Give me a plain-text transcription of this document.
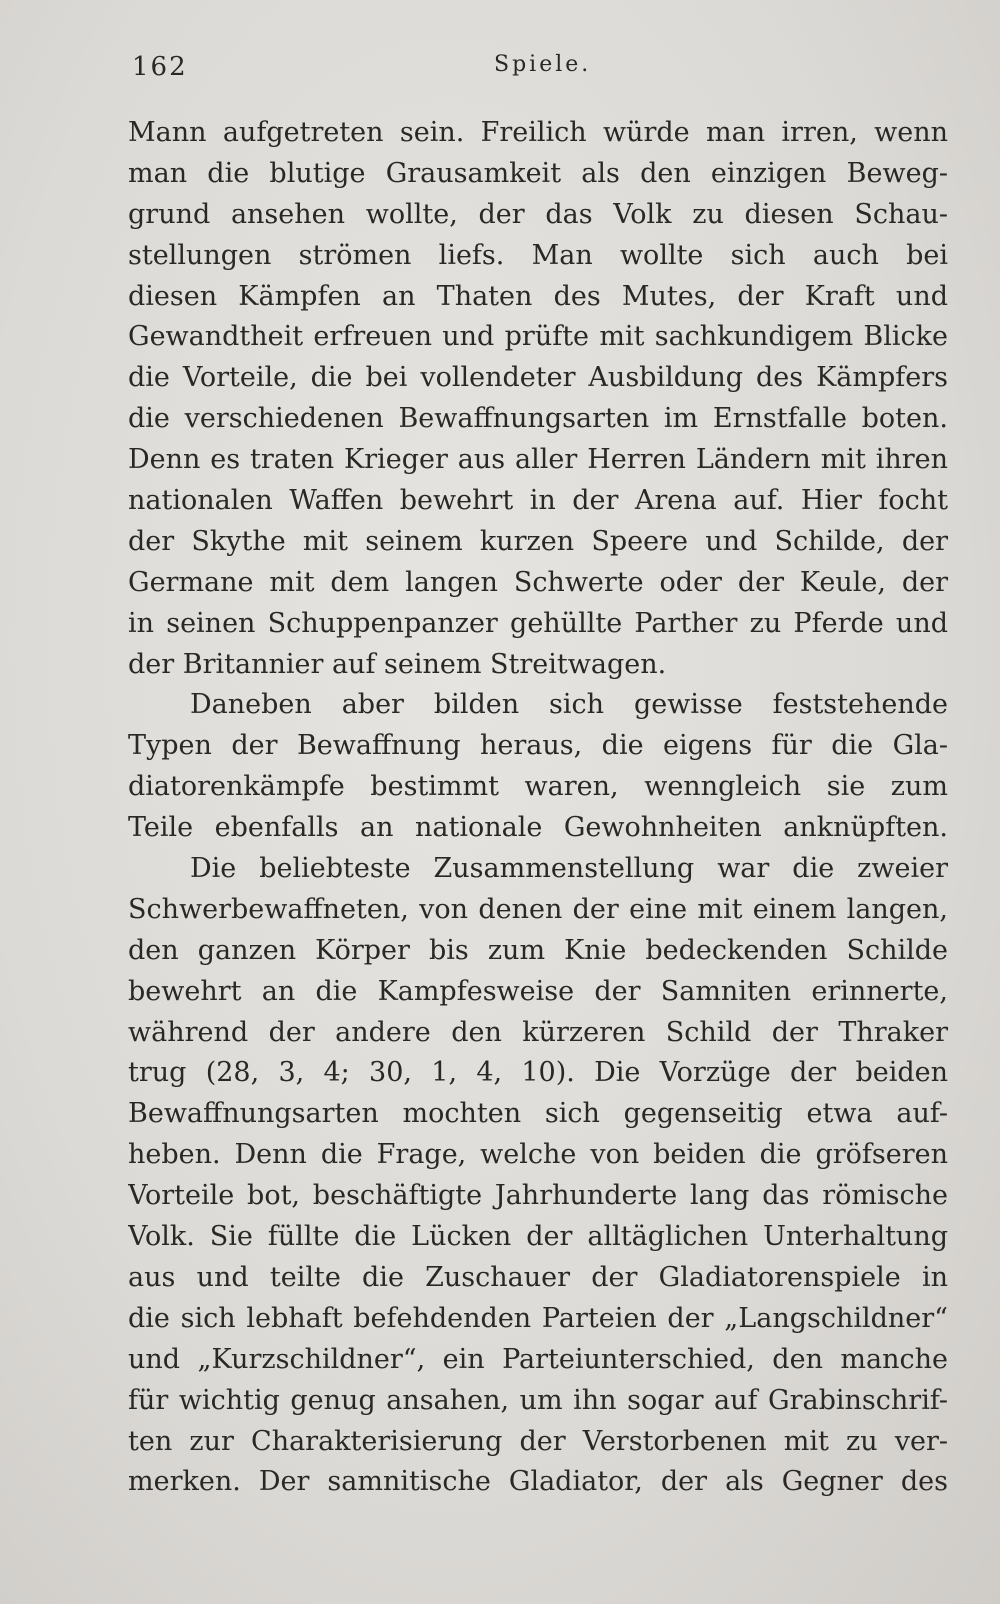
162	Spiele.
Mann aufgetreten sein. Freilich würde man irren, wenn
man die blutige Grausamkeit als den einzigen Beweg-
grund ansehen wollte, der das Volk zu diesen Schau-
stellungen strömen liefs. Man wollte sich auch bei
diesen Kämpfen an Thaten des Mutes, der Kraft und
Gewandtheit erfreuen und prüfte mit sachkundigem Blicke
die Vorteile, die bei vollendeter Ausbildung des Kämpfers
die verschiedenen Bewaffnungsarten im Ernstfalle boten.
Denn es traten Krieger aus aller Herren Ländern mit ihren
nationalen Waffen bewehrt in der Arena auf. Hier focht
der Skythe mit seinem kurzen Speere und Schilde, der
Germane mit dem langen Schwerte oder der Keule, der
in seinen Schuppenpanzer gehüllte Parther zu Pferde und
der Britannier auf seinem Streitwagen.
Daneben aber bilden sich gewisse feststehende
Typen der Bewaffnung heraus, die eigens für die Gla-
diatorenkämpfe bestimmt waren, wenngleich sie zum
Teile ebenfalls an nationale Gewohnheiten anknüpften.
Die beliebteste Zusammenstellung war die zweier
Schwerbewaffneten, von denen der eine mit einem langen,
den ganzen Körper bis zum Knie bedeckenden Schilde
bewehrt an die Kampfesweise der Samniten erinnerte,
während der andere den kürzeren Schild der Thraker
trug (28, 3, 4; 30, 1, 4, 10). Die Vorzüge der beiden
Bewaffnungsarten mochten sich gegenseitig etwa auf-
heben. Denn die Frage, welche von beiden die gröfseren
Vorteile bot, beschäftigte Jahrhunderte lang das römische
Volk. Sie füllte die Lücken der alltäglichen Unterhaltung
aus und teilte die Zuschauer der Gladiatorenspiele in
die sich lebhaft befehdenden Parteien der „Langschildner“
und „Kurzschildner“, ein Parteiunterschied, den manche
für wichtig genug ansahen, um ihn sogar auf Grabinschrif-
ten zur Charakterisierung der Verstorbenen mit zu ver-
merken. Der samnitische Gladiator, der als Gegner des
